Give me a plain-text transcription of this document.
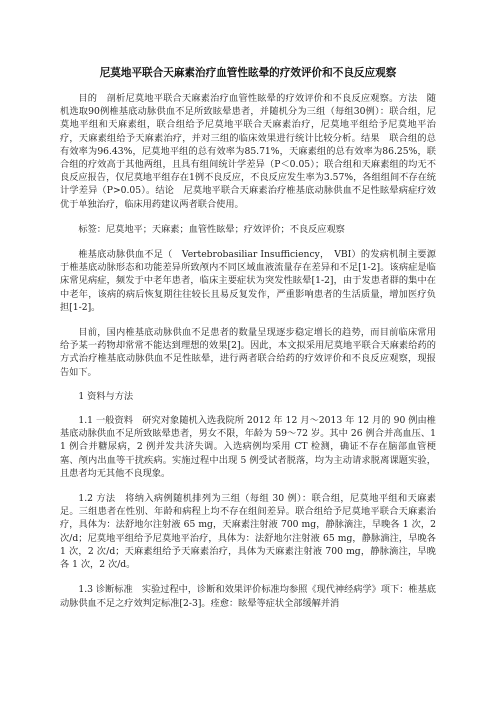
尼莫地平联合天麻素治疗血管性眩晕的疗效评价和不良反应观察

目的　剖析尼莫地平联合天麻素治疗血管性眩晕的疗效评价和不良反应观察。方法　随机选取90例椎基底动脉供血不足所致眩晕患者，并随机分为三组（每组30例）：联合组，尼莫地平组和天麻素组，联合组给予尼莫地平联合天麻素治疗，尼莫地平组给予尼莫地平治疗，天麻素组给予天麻素治疗，并对三组的临床效果进行统计比较分析。结果　联合组的总有效率为96.43%，尼莫地平组的总有效率为85.71%，天麻素组的总有效率为86.25%，联合组的疗效高于其他两组，且具有组间统计学差异（P＜0.05）；联合组和天麻素组的均无不良反应报告，仅尼莫地平组存在1例不良反应，不良反应发生率为3.57%，各组组间不存在统计学差异（P>0.05）。结论　尼莫地平联合天麻素治疗椎基底动脉供血不足性眩晕病症疗效优于单独治疗，临床用药建议两者联合使用。

标签：尼莫地平；天麻素；血管性眩晕；疗效评价；不良反应观察

椎基底动脉供血不足（　Vertebrobasiliar Insufficiency，　VBI）的发病机制主要源于椎基底动脉形态和功能差异所致颅内不同区域血液流量存在差异和不足[1-2]。该病症是临床常见病症，频发于中老年患者，临床主要症状为突发性眩晕[1-2]，由于发患者群的集中在中老年，该病的病后恢复期往往较长且易反复发作，严重影响患者的生活质量，增加医疗负担[1-2]。

目前，国内椎基底动脉供血不足患者的数量呈现逐步稳定增长的趋势，而目前临床常用给予某一药物却常常不能达到理想的效果[2]。因此，本文拟采用尼莫地平联合天麻素给药的方式治疗椎基底动脉供血不足性眩晕，进行两者联合给药的疗效评价和不良反应观察，现报告如下。

1 资料与方法

1.1 一般资料　研究对象随机入选我院所 2012 年 12 月～2013 年 12 月的 90 例由椎基底动脉供血不足所致眩晕患者，男女不限，年龄为 59～72 岁。其中 26 例合并高血压、11 例合并糖尿病，2 例并发共济失调。入选病例均采用 CT 检测，确证不存在脑部血管梗塞、颅内出血等干扰疾病。实施过程中出现 5 例受试者脱落，均为主动请求脱离课题实验，且患者均无其他不良现象。

1.2 方法　将纳入病例随机排列为三组（每组 30 例）：联合组，尼莫地平组和天麻素足。三组患者在性别、年龄和病程上均不存在组间差异。联合组给予尼莫地平联合天麻素治疗，具体为：法舒地尔注射液 65 mg，天麻素注射液 700 mg，静脉滴注，早晚各 1 次，2 次/d；尼莫地平组给予尼莫地平治疗，具体为：法舒地尔注射液 65 mg，静脉滴注，早晚各 1 次，2 次/d；天麻素组给予天麻素治疗，具体为天麻素注射液 700 mg，静脉滴注，早晚各 1 次，2 次/d。

1.3 诊断标准　实验过程中，诊断和效果评价标准均参照《现代神经病学》项下：椎基底动脉供血不足之疗效判定标准[2-3]。痊愈：眩晕等症状全部缓解并消
